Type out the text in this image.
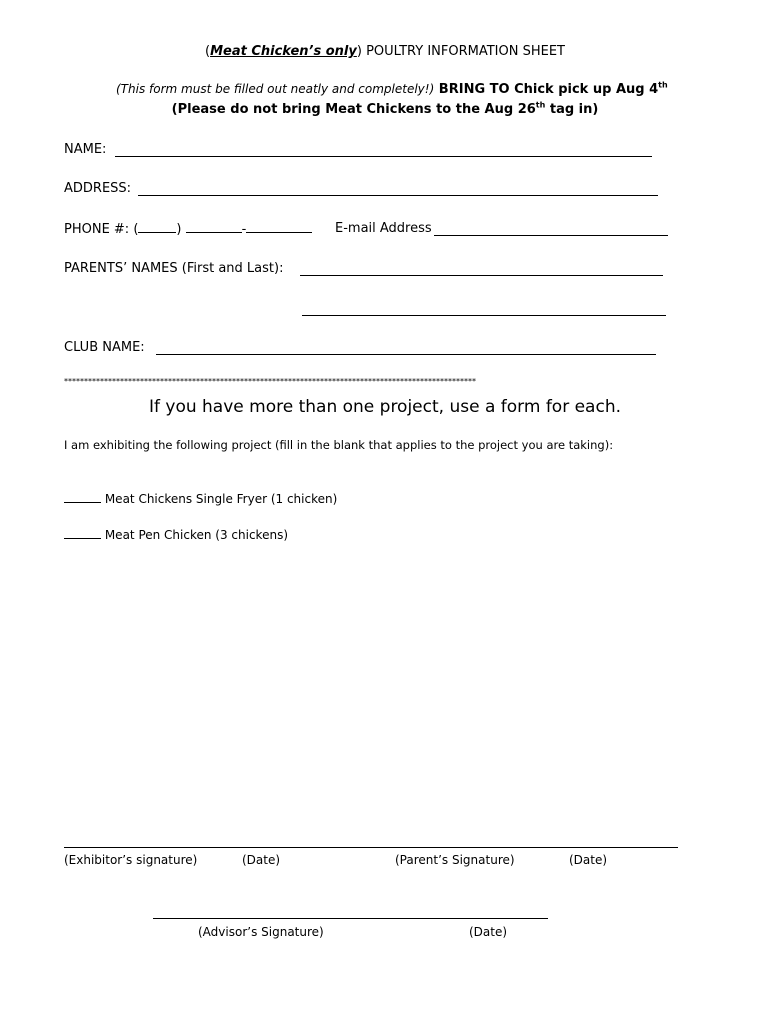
(Meat Chicken’s only) POULTRY INFORMATION SHEET
(This form must be filled out neatly and completely!) BRING TO Chick pick up Aug 4th
(Please do not bring Meat Chickens to the Aug 26th tag in)
NAME:
ADDRESS:
PHONE #: (	)	-	E-mail Address
PARENTS’ NAMES (First and Last):
CLUB NAME:
*******************************************************************************************************
If you have more than one project, use a form for each.
I am exhibiting the following project (fill in the blank that applies to the project you are taking):
Meat Chickens Single Fryer (1 chicken)
Meat Pen Chicken (3 chickens)
(Exhibitor’s signature)	(Date)	(Parent’s Signature)	(Date)
(Advisor’s Signature)	(Date)
